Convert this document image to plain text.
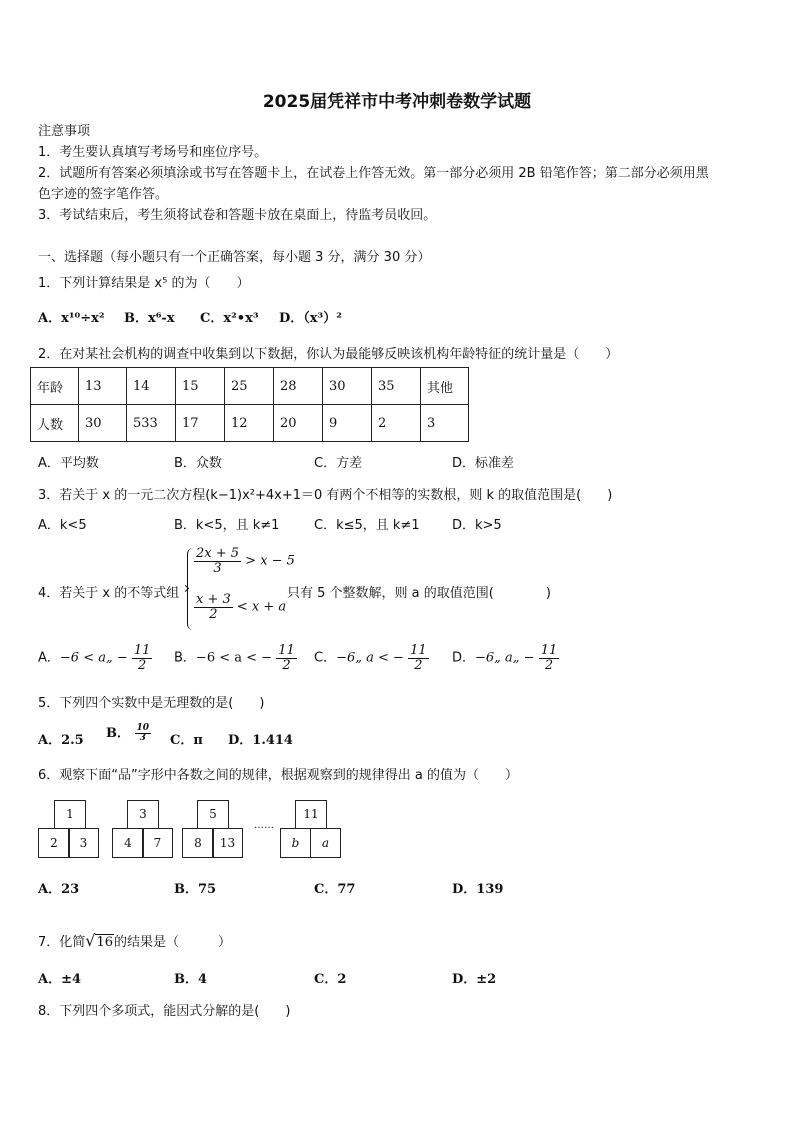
2025届凭祥市中考冲刺卷数学试题
注意事项
1．考生要认真填写考场号和座位序号。
2．试题所有答案必须填涂或书写在答题卡上，在试卷上作答无效。第一部分必须用 2B 铅笔作答；第二部分必须用黑
色字迹的签字笔作答。
3．考试结束后，考生须将试卷和答题卡放在桌面上，待监考员收回。
一、选择题（每小题只有一个正确答案，每小题 3 分，满分 30 分）
1．下列计算结果是 x⁵ 的为（　　）
A．x¹⁰÷x² B．x⁶-x C．x²•x³ D．（x³）²
2．在对某社会机构的调查中收集到以下数据，你认为最能够反映该机构年龄特征的统计量是（　　）
年龄	13	14	15	25	28	30	35	其他
人数	30	533	17	12	20	9	2	3
A．平均数	B．众数	C．方差	D．标准差
3．若关于 x 的一元二次方程(k−1)x²+4x+1＝0 有两个不相等的实数根，则 k 的取值范围是(　　)
A．k<5	B．k<5，且 k≠1	C．k≤5，且 k≠1 D．k>5
4．若关于 x 的不等式组
$\frac{2x + 5}{3} > x - 5$
$\frac{x + 3}{2} < x + a$
只有 5 个整数解，则 a 的取值范围(　　　　)
A．−6 < a„ − $\frac{11}{2}$ B．−6 < a < − $\frac{11}{2}$ C．−6„ a < − $\frac{11}{2}$ D．−6„ a„ − $\frac{11}{2}$
5．下列四个实数中是无理数的是(　　)
A．2.5 B． $\frac{10}{3}$ C．π D．1.414
6．观察下面“品”字形中各数之间的规律，根据观察到的规律得出 a 的值为（　　）
1
2	3
3
4	7
5
8	13
……
11
b	a
A．23	B．75	C．77	D．139
7．化简√16的结果是（　　　）
A．±4	B．4	C．2	D．±2
8．下列四个多项式，能因式分解的是(　　)
